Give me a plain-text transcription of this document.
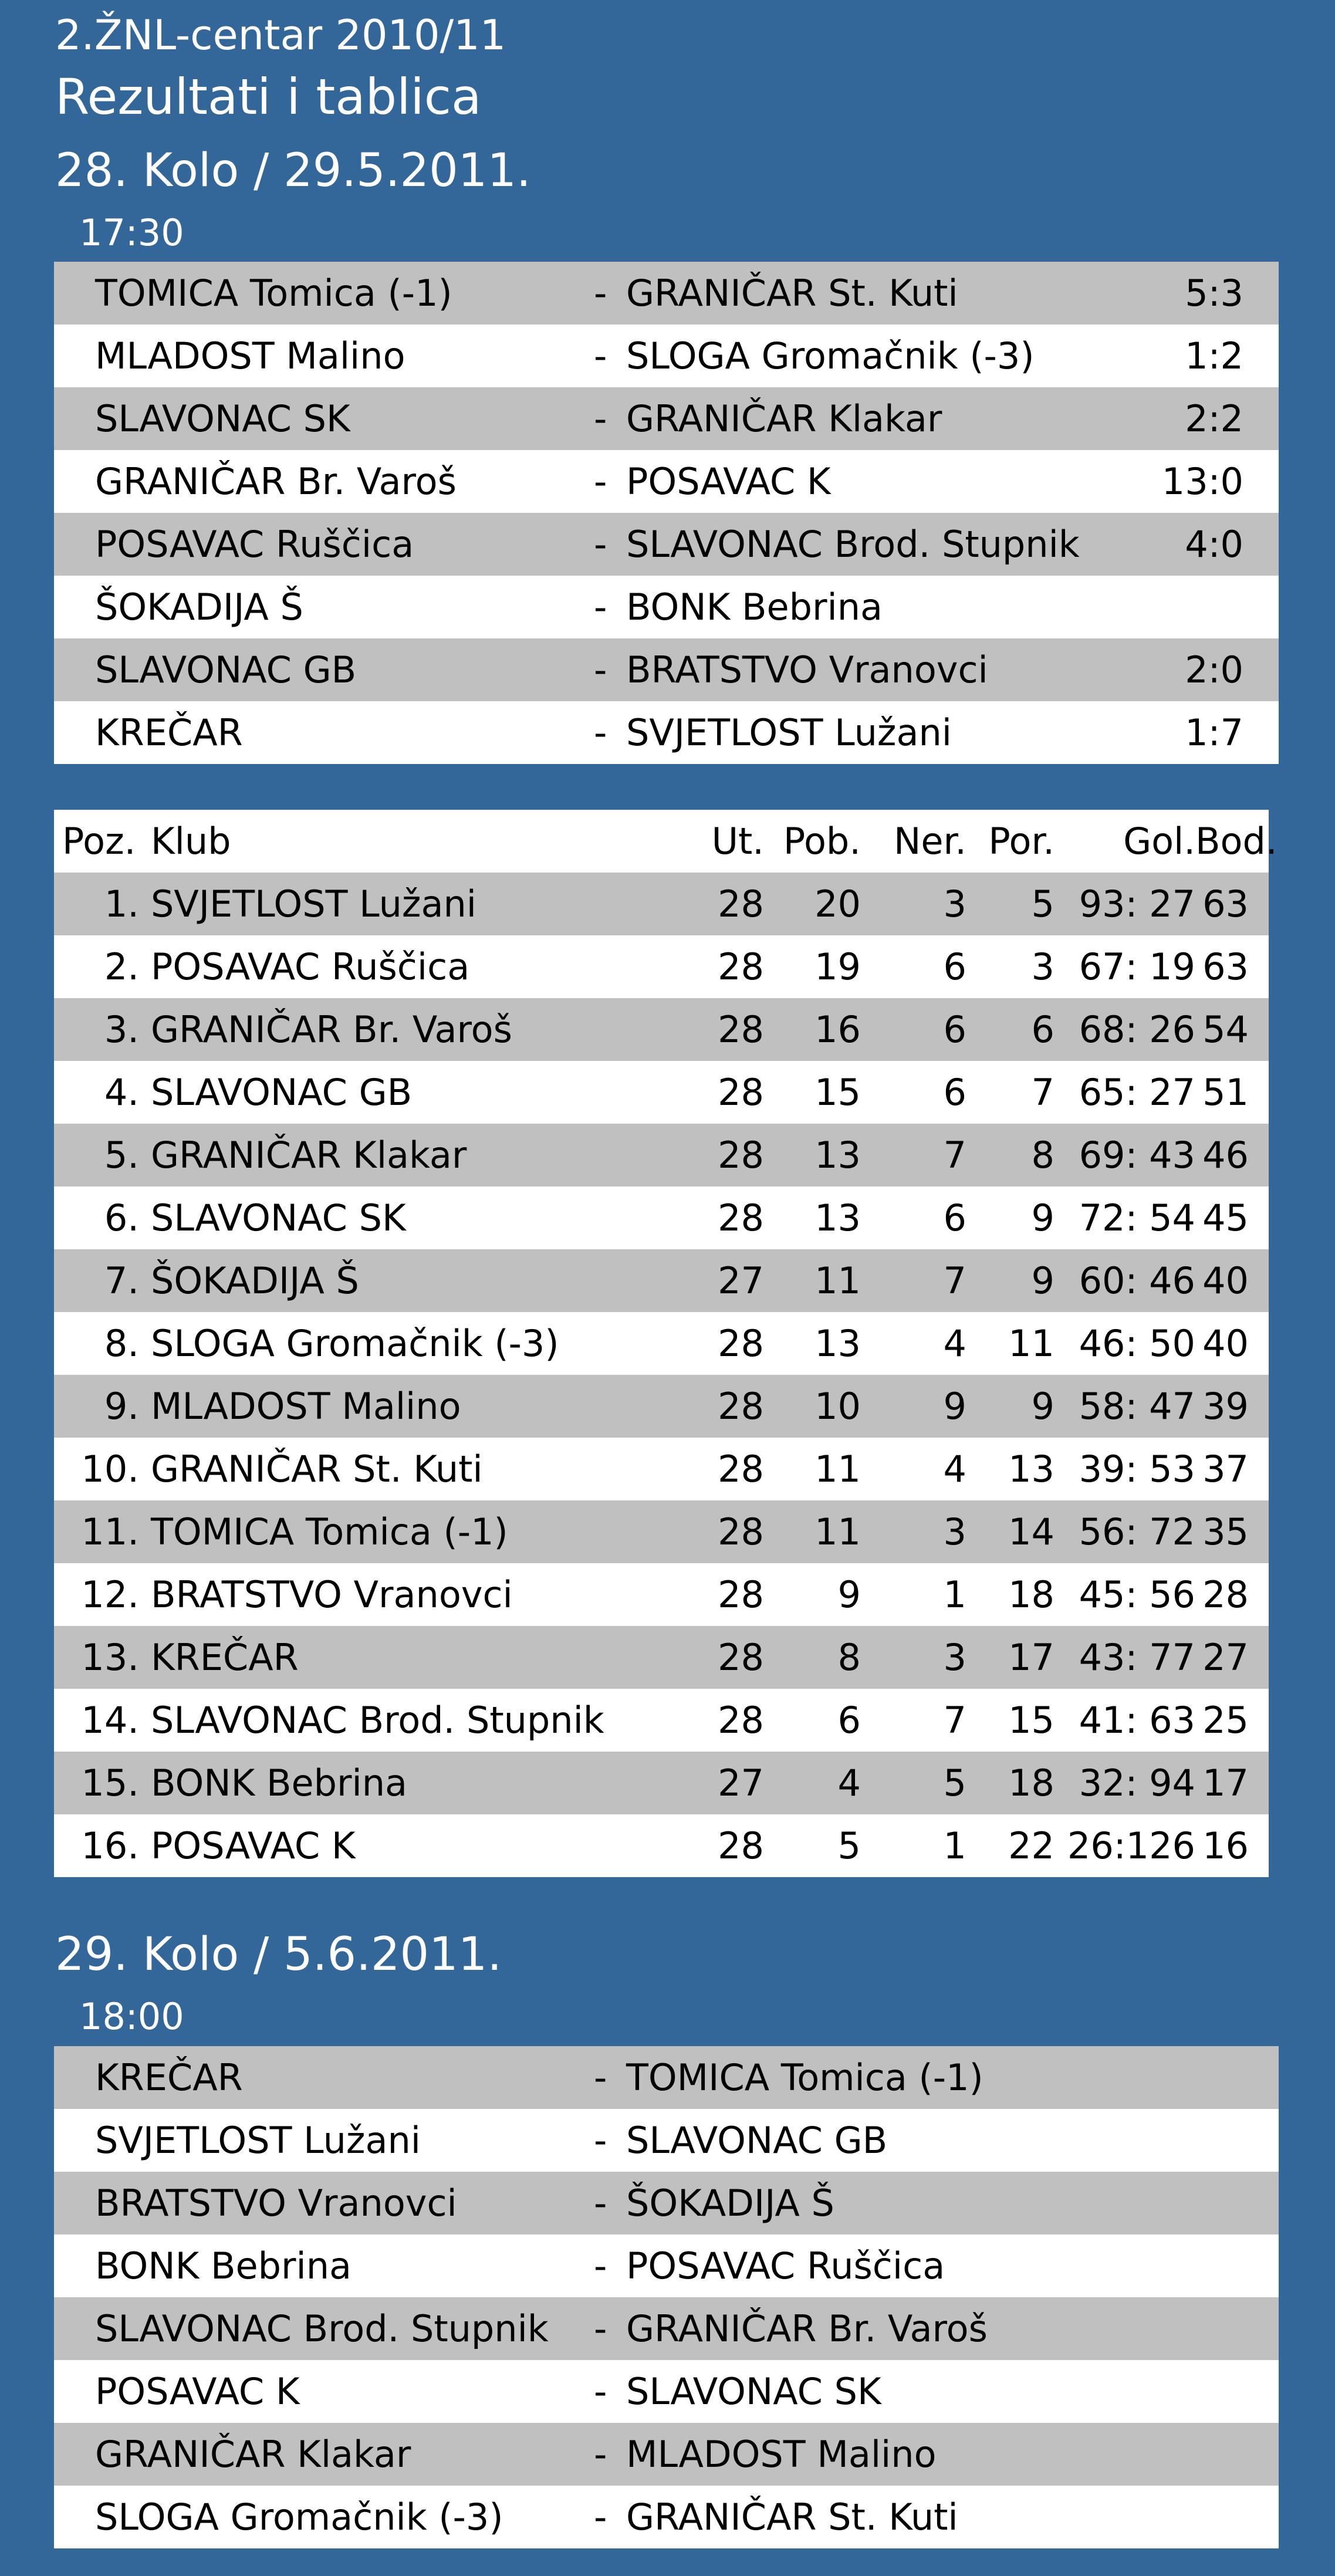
2.ŽNL-centar 2010/11
Rezultati i tablica
28. Kolo / 29.5.2011.
17:30
TOMICA Tomica (-1)	-	GRANIČAR St. Kuti	5:3
MLADOST Malino	-	SLOGA Gromačnik (-3)	1:2
SLAVONAC SK	-	GRANIČAR Klakar	2:2
GRANIČAR Br. Varoš	-	POSAVAC K	13:0
POSAVAC Ruščica	-	SLAVONAC Brod. Stupnik	4:0
ŠOKADIJA Š	-	BONK Bebrina	
SLAVONAC GB	-	BRATSTVO Vranovci	2:0
KREČAR	-	SVJETLOST Lužani	1:7
Poz.	Klub	Ut.	Pob.	Ner.	Por.	Gol.	Bod.
1.	SVJETLOST Lužani	28	20	3	5	93: 27	63
2.	POSAVAC Ruščica	28	19	6	3	67: 19	63
3.	GRANIČAR Br. Varoš	28	16	6	6	68: 26	54
4.	SLAVONAC GB	28	15	6	7	65: 27	51
5.	GRANIČAR Klakar	28	13	7	8	69: 43	46
6.	SLAVONAC SK	28	13	6	9	72: 54	45
7.	ŠOKADIJA Š	27	11	7	9	60: 46	40
8.	SLOGA Gromačnik (-3)	28	13	4	11	46: 50	40
9.	MLADOST Malino	28	10	9	9	58: 47	39
10.	GRANIČAR St. Kuti	28	11	4	13	39: 53	37
11.	TOMICA Tomica (-1)	28	11	3	14	56: 72	35
12.	BRATSTVO Vranovci	28	9	1	18	45: 56	28
13.	KREČAR	28	8	3	17	43: 77	27
14.	SLAVONAC Brod. Stupnik	28	6	7	15	41: 63	25
15.	BONK Bebrina	27	4	5	18	32: 94	17
16.	POSAVAC K	28	5	1	22	26:126	16
29. Kolo / 5.6.2011.
18:00
KREČAR	-	TOMICA Tomica (-1)	
SVJETLOST Lužani	-	SLAVONAC GB	
BRATSTVO Vranovci	-	ŠOKADIJA Š	
BONK Bebrina	-	POSAVAC Ruščica	
SLAVONAC Brod. Stupnik	-	GRANIČAR Br. Varoš	
POSAVAC K	-	SLAVONAC SK	
GRANIČAR Klakar	-	MLADOST Malino	
SLOGA Gromačnik (-3)	-	GRANIČAR St. Kuti	
